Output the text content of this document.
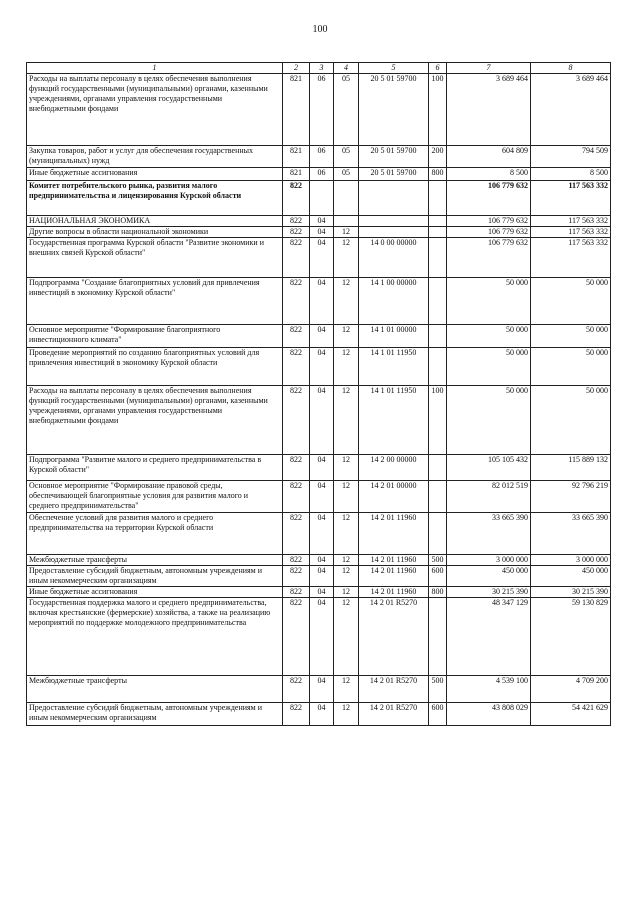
100
1	2	3	4	5	6	7	8
Расходы на выплаты персоналу в целях обеспечения выполнения функций государственными (муниципальными) органами, казенными учреждениями, органами управления государственными внебюджетными фондами	821	06	05	20 5 01 59700	100	3 689 464	3 689 464
Закупка товаров, работ и услуг для обеспечения государственных (муниципальных) нужд	821	06	05	20 5 01 59700	200	604 809	794 509
Иные бюджетные ассигнования	821	06	05	20 5 01 59700	800	8 500	8 500
Комитет потребительского рынка, развития малого предпринимательства и лицензирования Курской области	822					106 779 632	117 563 332
НАЦИОНАЛЬНАЯ ЭКОНОМИКА	822	04				106 779 632	117 563 332
Другие вопросы в области национальной экономики	822	04	12			106 779 632	117 563 332
Государственная программа Курской области "Развитие экономики и внешних связей Курской области"	822	04	12	14 0 00 00000		106 779 632	117 563 332
Подпрограмма "Создание благоприятных условий для привлечения инвестиций в экономику Курской области"	822	04	12	14 1 00 00000		50 000	50 000
Основное мероприятие "Формирование благоприятного инвестиционного климата"	822	04	12	14 1 01 00000		50 000	50 000
Проведение мероприятий по созданию благоприятных условий для привлечения инвестиций в экономику Курской области	822	04	12	14 1 01 11950		50 000	50 000
Расходы на выплаты персоналу в целях обеспечения выполнения функций государственными (муниципальными) органами, казенными учреждениями, органами управления государственными внебюджетными фондами	822	04	12	14 1 01 11950	100	50 000	50 000
Подпрограмма "Развитие малого и среднего предпринимательства в Курской области"	822	04	12	14 2 00 00000		105 105 432	115 889 132
Основное мероприятие "Формирование правовой среды, обеспечивающей благоприятные условия для развития малого и среднего предпринимательства"	822	04	12	14 2 01 00000		82 012 519	92 796 219
Обеспечение условий для развития малого и среднего предпринимательства на территории Курской области	822	04	12	14 2 01 11960		33 665 390	33 665 390
Межбюджетные трансферты	822	04	12	14 2 01 11960	500	3 000 000	3 000 000
Предоставление субсидий бюджетным, автономным учреждениям и иным некоммерческим организациям	822	04	12	14 2 01 11960	600	450 000	450 000
Иные бюджетные ассигнования	822	04	12	14 2 01 11960	800	30 215 390	30 215 390
Государственная поддержка малого и среднего предпринимательства, включая крестьянские (фермерские) хозяйства, а также на реализацию мероприятий по поддержке молодежного предпринимательства	822	04	12	14 2 01 R5270		48 347 129	59 130 829
Межбюджетные трансферты	822	04	12	14 2 01 R5270	500	4 539 100	4 709 200
Предоставление субсидий бюджетным, автономным учреждениям и иным некоммерческим организациям	822	04	12	14 2 01 R5270	600	43 808 029	54 421 629
